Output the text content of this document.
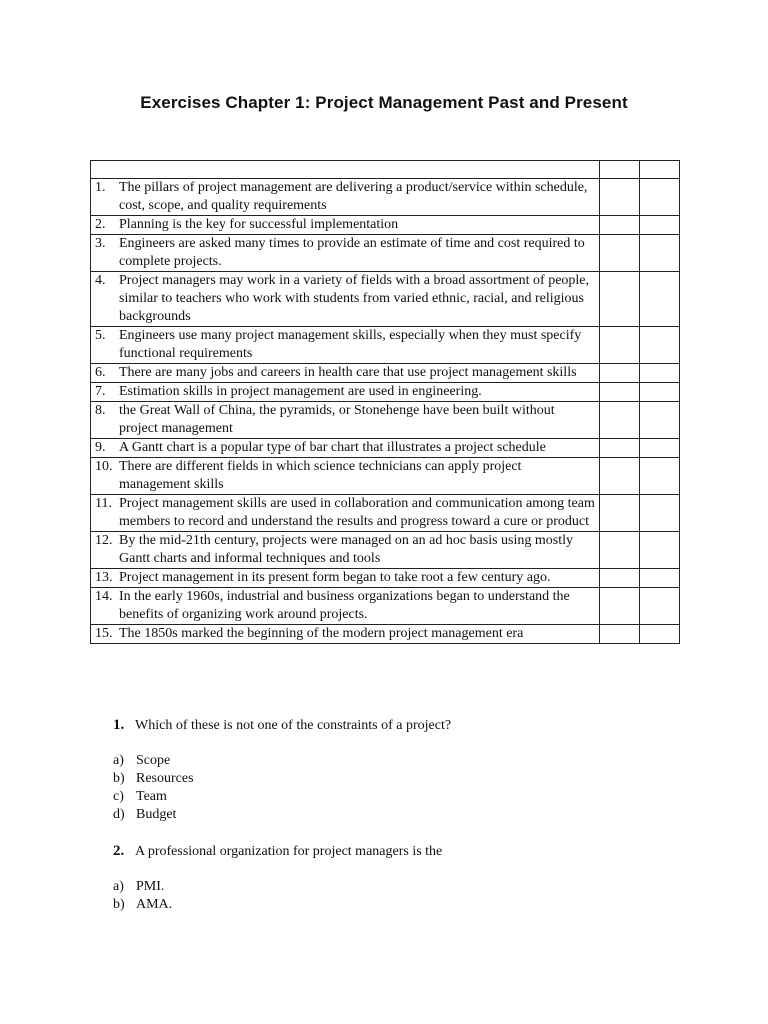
Exercises Chapter 1: Project Management Past and Present

1. The pillars of project management are delivering a product/service within schedule, cost, scope, and quality requirements		

2. Planning is the key for successful implementation		

3. Engineers are asked many times to provide an estimate of time and cost required to complete projects.		

4. Project managers may work in a variety of fields with a broad assortment of people, similar to teachers who work with students from varied ethnic, racial, and religious backgrounds		

5. Engineers use many project management skills, especially when they must specify functional requirements		

6. There are many jobs and careers in health care that use project management skills		

7. Estimation skills in project management are used in engineering.		

8. the Great Wall of China, the pyramids, or Stonehenge have been built without project management		

9. A Gantt chart is a popular type of bar chart that illustrates a project schedule		

10. There are different fields in which science technicians can apply project management skills		

11. Project management skills are used in collaboration and communication among team members to record and understand the results and progress toward a cure or product		

12. By the mid-21th century, projects were managed on an ad hoc basis using mostly Gantt charts and informal techniques and tools		

13. Project management in its present form began to take root a few century ago.		

14. In the early 1960s, industrial and business organizations began to understand the benefits of organizing work around projects.		

15. The 1850s marked the beginning of the modern project management era		

1. Which of these is not one of the constraints of a project?
a) Scope
b) Resources
c) Team
d) Budget
2. A professional organization for project managers is the
a) PMI.
b) AMA.
